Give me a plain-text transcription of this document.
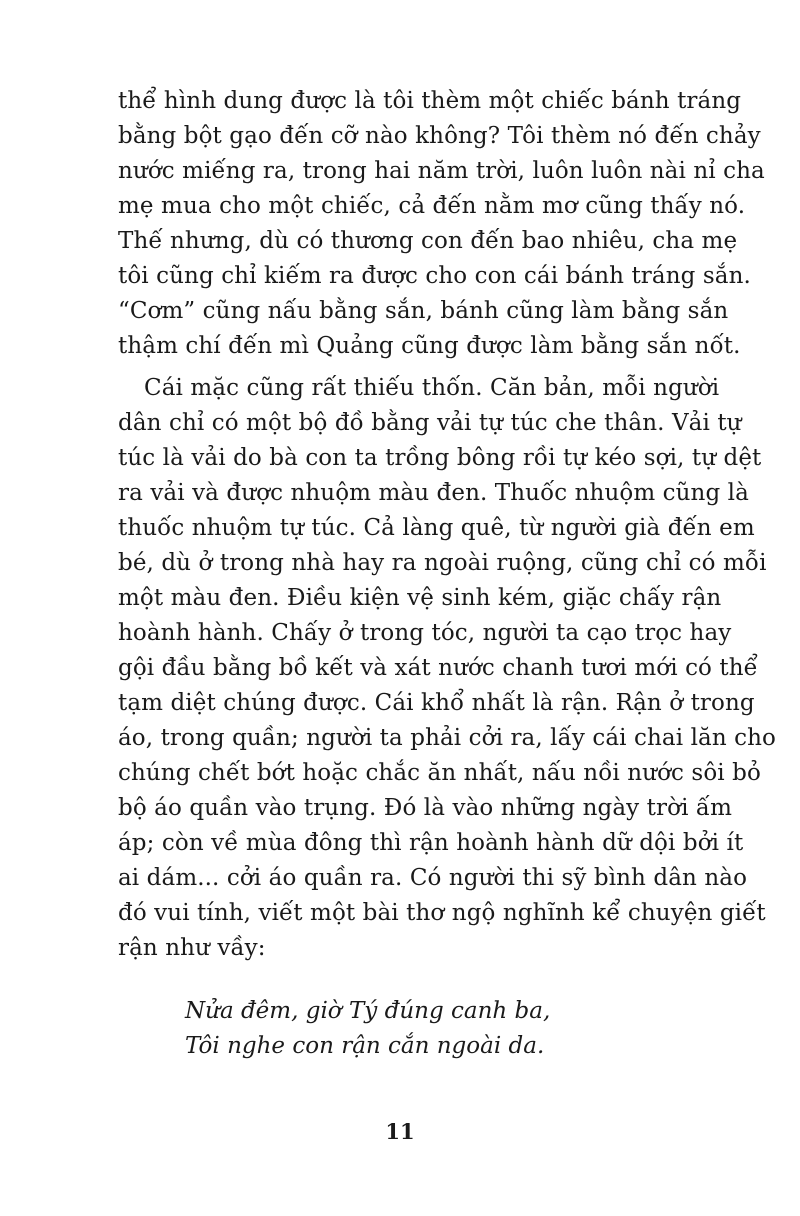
thể hình dung được là tôi thèm một chiếc bánh tráng
bằng bột gạo đến cỡ nào không? Tôi thèm nó đến chảy
nước miếng ra, trong hai năm trời, luôn luôn nài nỉ cha
mẹ mua cho một chiếc, cả đến nằm mơ cũng thấy nó.
Thế nhưng, dù có thương con đến bao nhiêu, cha mẹ
tôi cũng chỉ kiếm ra được cho con cái bánh tráng sắn.
“Cơm” cũng nấu bằng sắn, bánh cũng làm bằng sắn
thậm chí đến mì Quảng cũng được làm bằng sắn nốt.
Cái mặc cũng rất thiếu thốn. Căn bản, mỗi người
dân chỉ có một bộ đồ bằng vải tự túc che thân. Vải tự
túc là vải do bà con ta trồng bông rồi tự kéo sợi, tự dệt
ra vải và được nhuộm màu đen. Thuốc nhuộm cũng là
thuốc nhuộm tự túc. Cả làng quê, từ người già đến em
bé, dù ở trong nhà hay ra ngoài ruộng, cũng chỉ có mỗi
một màu đen. Điều kiện vệ sinh kém, giặc chấy rận
hoành hành. Chấy ở trong tóc, người ta cạo trọc hay
gội đầu bằng bồ kết và xát nước chanh tươi mới có thể
tạm diệt chúng được. Cái khổ nhất là rận. Rận ở trong
áo, trong quần; người ta phải cởi ra, lấy cái chai lăn cho
chúng chết bớt hoặc chắc ăn nhất, nấu nồi nước sôi bỏ
bộ áo quần vào trụng. Đó là vào những ngày trời ấm
áp; còn về mùa đông thì rận hoành hành dữ dội bởi ít
ai dám... cởi áo quần ra. Có người thi sỹ bình dân nào
đó vui tính, viết một bài thơ ngộ nghĩnh kể chuyện giết
rận như vầy:
Nửa đêm, giờ Tý đúng canh ba,
Tôi nghe con rận cắn ngoài da.
11
